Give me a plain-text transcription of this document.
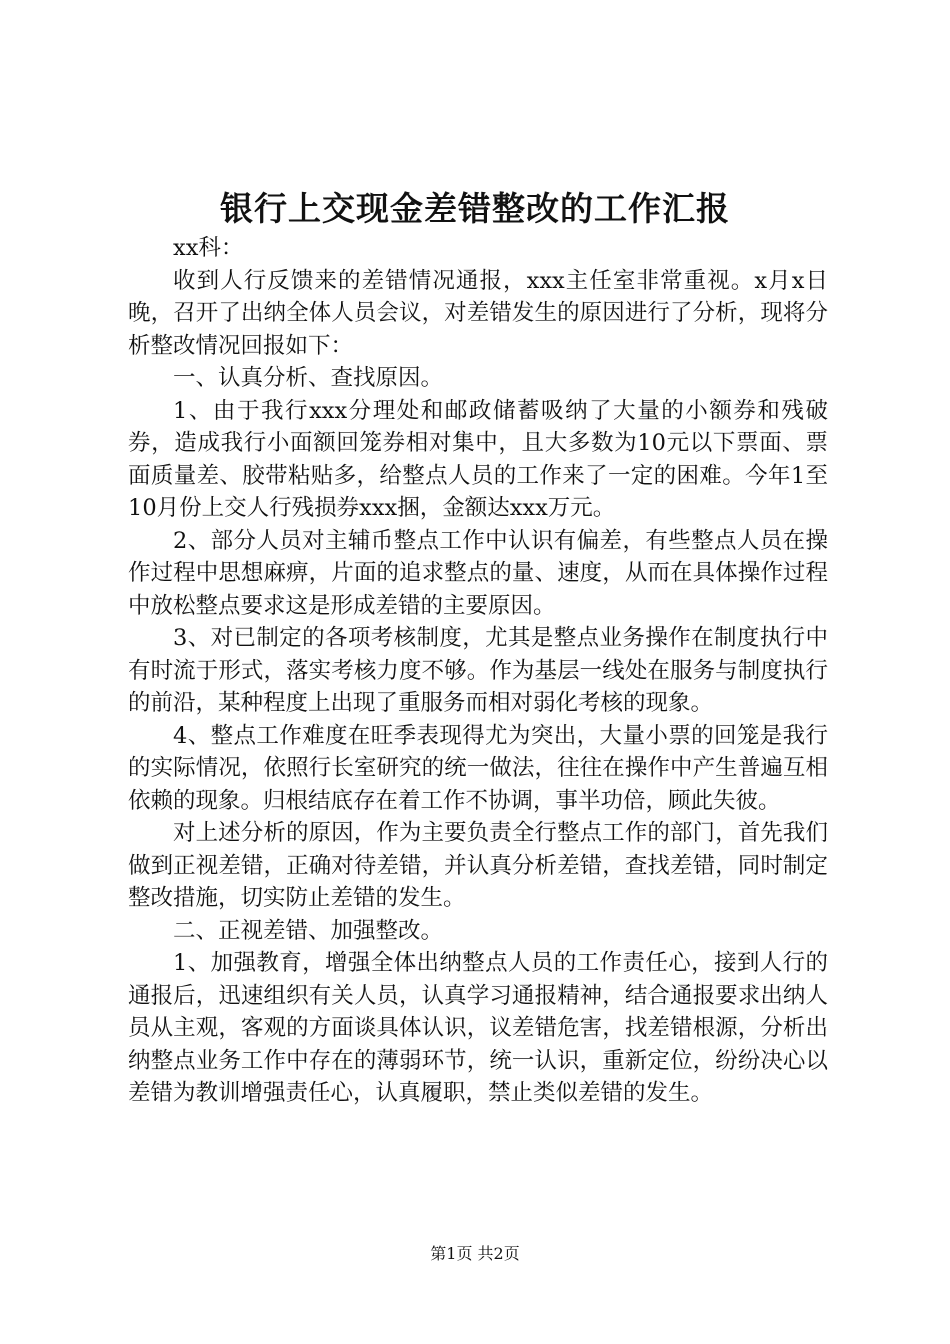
银行上交现金差错整改的工作汇报

xx科：

收到人行反馈来的差错情况通报，xxx主任室非常重视。x月x日晚，召开了出纳全体人员会议，对差错发生的原因进行了分析，现将分析整改情况回报如下：

一、认真分析、查找原因。

1、由于我行xxx分理处和邮政储蓄吸纳了大量的小额券和残破券，造成我行小面额回笼券相对集中，且大多数为10元以下票面、票面质量差、胶带粘贴多，给整点人员的工作来了一定的困难。今年1至10月份上交人行残损券xxx捆，金额达xxx万元。

2、部分人员对主辅币整点工作中认识有偏差，有些整点人员在操作过程中思想麻痹，片面的追求整点的量、速度，从而在具体操作过程中放松整点要求这是形成差错的主要原因。

3、对已制定的各项考核制度，尤其是整点业务操作在制度执行中有时流于形式，落实考核力度不够。作为基层一线处在服务与制度执行的前沿，某种程度上出现了重服务而相对弱化考核的现象。

4、整点工作难度在旺季表现得尤为突出，大量小票的回笼是我行的实际情况，依照行长室研究的统一做法，往往在操作中产生普遍互相依赖的现象。归根结底存在着工作不协调，事半功倍，顾此失彼。

对上述分析的原因，作为主要负责全行整点工作的部门，首先我们做到正视差错，正确对待差错，并认真分析差错，查找差错，同时制定整改措施，切实防止差错的发生。

二、正视差错、加强整改。

1、加强教育，增强全体出纳整点人员的工作责任心，接到人行的通报后，迅速组织有关人员，认真学习通报精神，结合通报要求出纳人员从主观，客观的方面谈具体认识，议差错危害，找差错根源，分析出纳整点业务工作中存在的薄弱环节，统一认识，重新定位，纷纷决心以差错为教训增强责任心，认真履职，禁止类似差错的发生。

第1页 共2页
